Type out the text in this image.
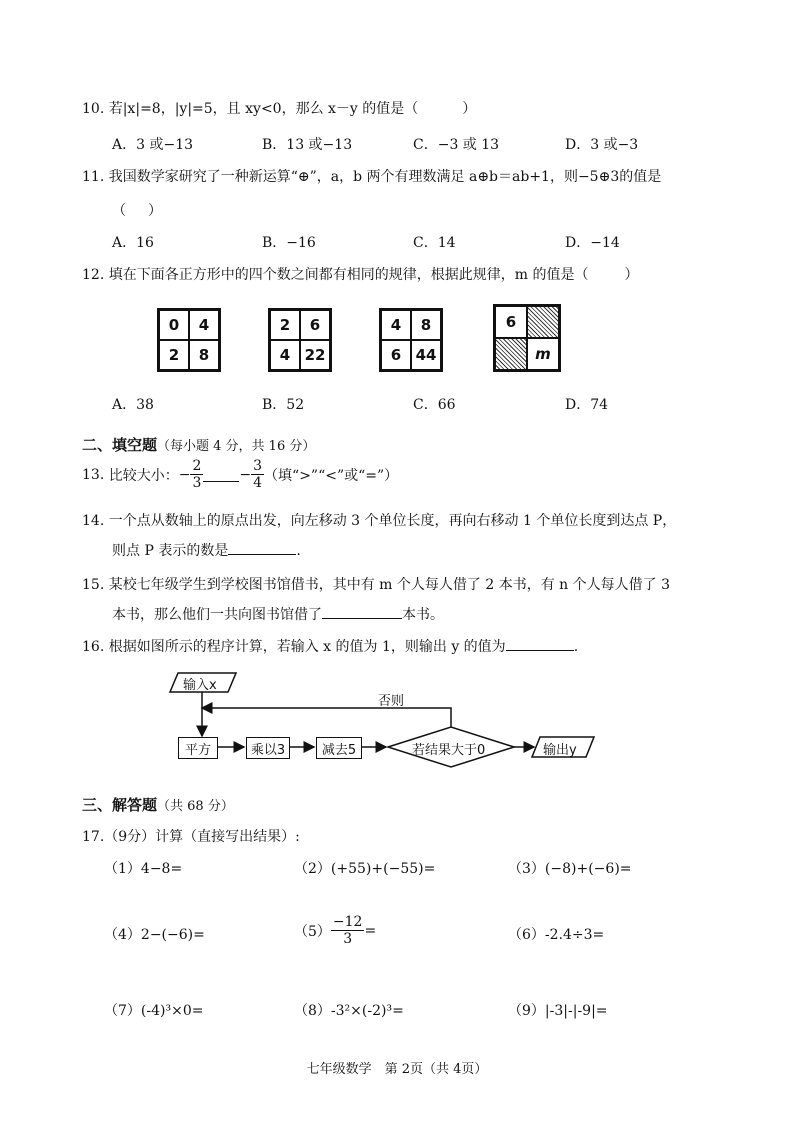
10. 若|x|=8，|y|=5，且 xy<0，那么 x－y 的值是（	）
A．3 或−13	B．13 或−13	C．−3 或 13	D．3 或−3
11. 我国数学家研究了一种新运算“⊕”，a，b 两个有理数满足 a⊕b＝ab+1，则−5⊕3的值是
（ ）
A．16	B．−16	C．14	D．−14
12. 填在下面各正方形中的四个数之间都有相同的规律，根据此规律，m 的值是（	）
0	4
2	8
2	6
4 22
4	8
6 44
6
m
A．38	B．52	C．66	D．74
二、填空题（每小题 4 分，共 16 分）
13.
比较大小： − $\frac{2}{3}$	− $\frac{3}{4}$ （填“>”“<”或“=”）
14. 一个点从数轴上的原点出发，向左移动 3 个单位长度，再向右移动 1 个单位长度到达点 P，
则点 P 表示的数是	.
15. 某校七年级学生到学校图书馆借书，其中有 m 个人每人借了 2 本书，有 n 个人每人借了 3
本书，那么他们一共向图书馆借了	本书。
16. 根据如图所示的程序计算，若输入 x 的值为 1，则输出 y 的值为	.
输入x
平方	乘以3	减去5	若结果大于0	输出y
否则
三、解答题（共 68 分）
17.（9分）计算（直接写出结果）:
（1）4−8=	（2）(+55)+(−55)=	（3）(−8)+(−6)=
（4）2−(−6)=	$(5) \frac{-12}{3}$ =	（6）-2.4÷3=
（7）(-4)³×0=	（8）-3²×(-2)³=	（9）|-3|-|-9|=
七年级数学　第 2页（共 4页）
